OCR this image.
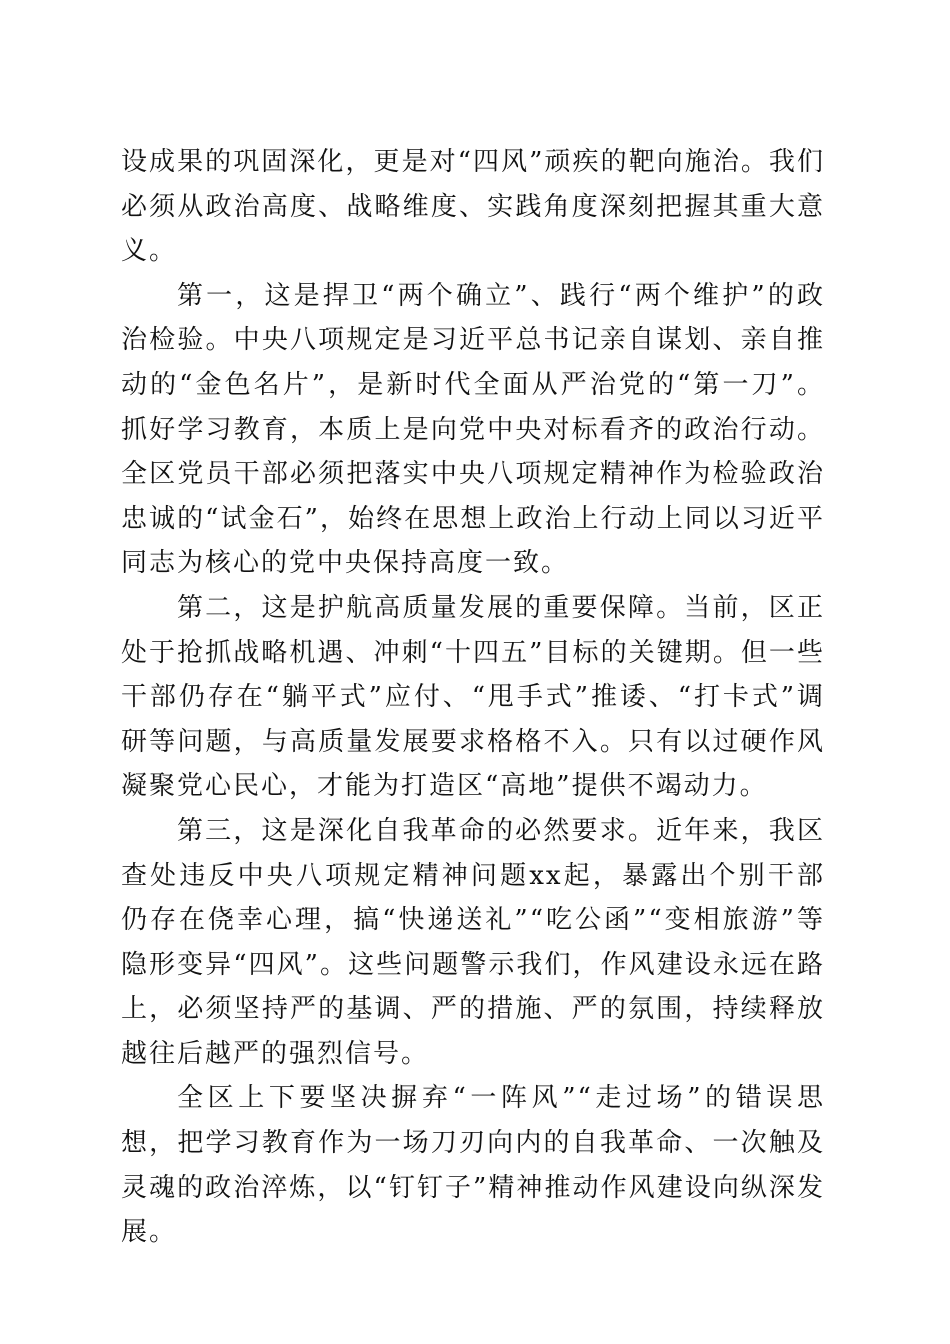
设成果的巩固深化，更是对“四风”顽疾的靶向施治。我们必须从政治高度、战略维度、实践角度深刻把握其重大意义。

第一，这是捍卫“两个确立”、践行“两个维护”的政治检验。中央八项规定是习近平总书记亲自谋划、亲自推动的“金色名片”，是新时代全面从严治党的“第一刀”。抓好学习教育，本质上是向党中央对标看齐的政治行动。全区党员干部必须把落实中央八项规定精神作为检验政治忠诚的“试金石”，始终在思想上政治上行动上同以习近平同志为核心的党中央保持高度一致。

第二，这是护航高质量发展的重要保障。当前，区正处于抢抓战略机遇、冲刺“十四五”目标的关键期。但一些干部仍存在“躺平式”应付、“甩手式”推诿、“打卡式”调研等问题，与高质量发展要求格格不入。只有以过硬作风凝聚党心民心，才能为打造区“高地”提供不竭动力。

第三，这是深化自我革命的必然要求。近年来，我区查处违反中央八项规定精神问题xx起，暴露出个别干部仍存在侥幸心理，搞“快递送礼”“吃公函”“变相旅游”等隐形变异“四风”。这些问题警示我们，作风建设永远在路上，必须坚持严的基调、严的措施、严的氛围，持续释放越往后越严的强烈信号。

全区上下要坚决摒弃“一阵风”“走过场”的错误思想，把学习教育作为一场刀刃向内的自我革命、一次触及灵魂的政治淬炼，以“钉钉子”精神推动作风建设向纵深发展。
